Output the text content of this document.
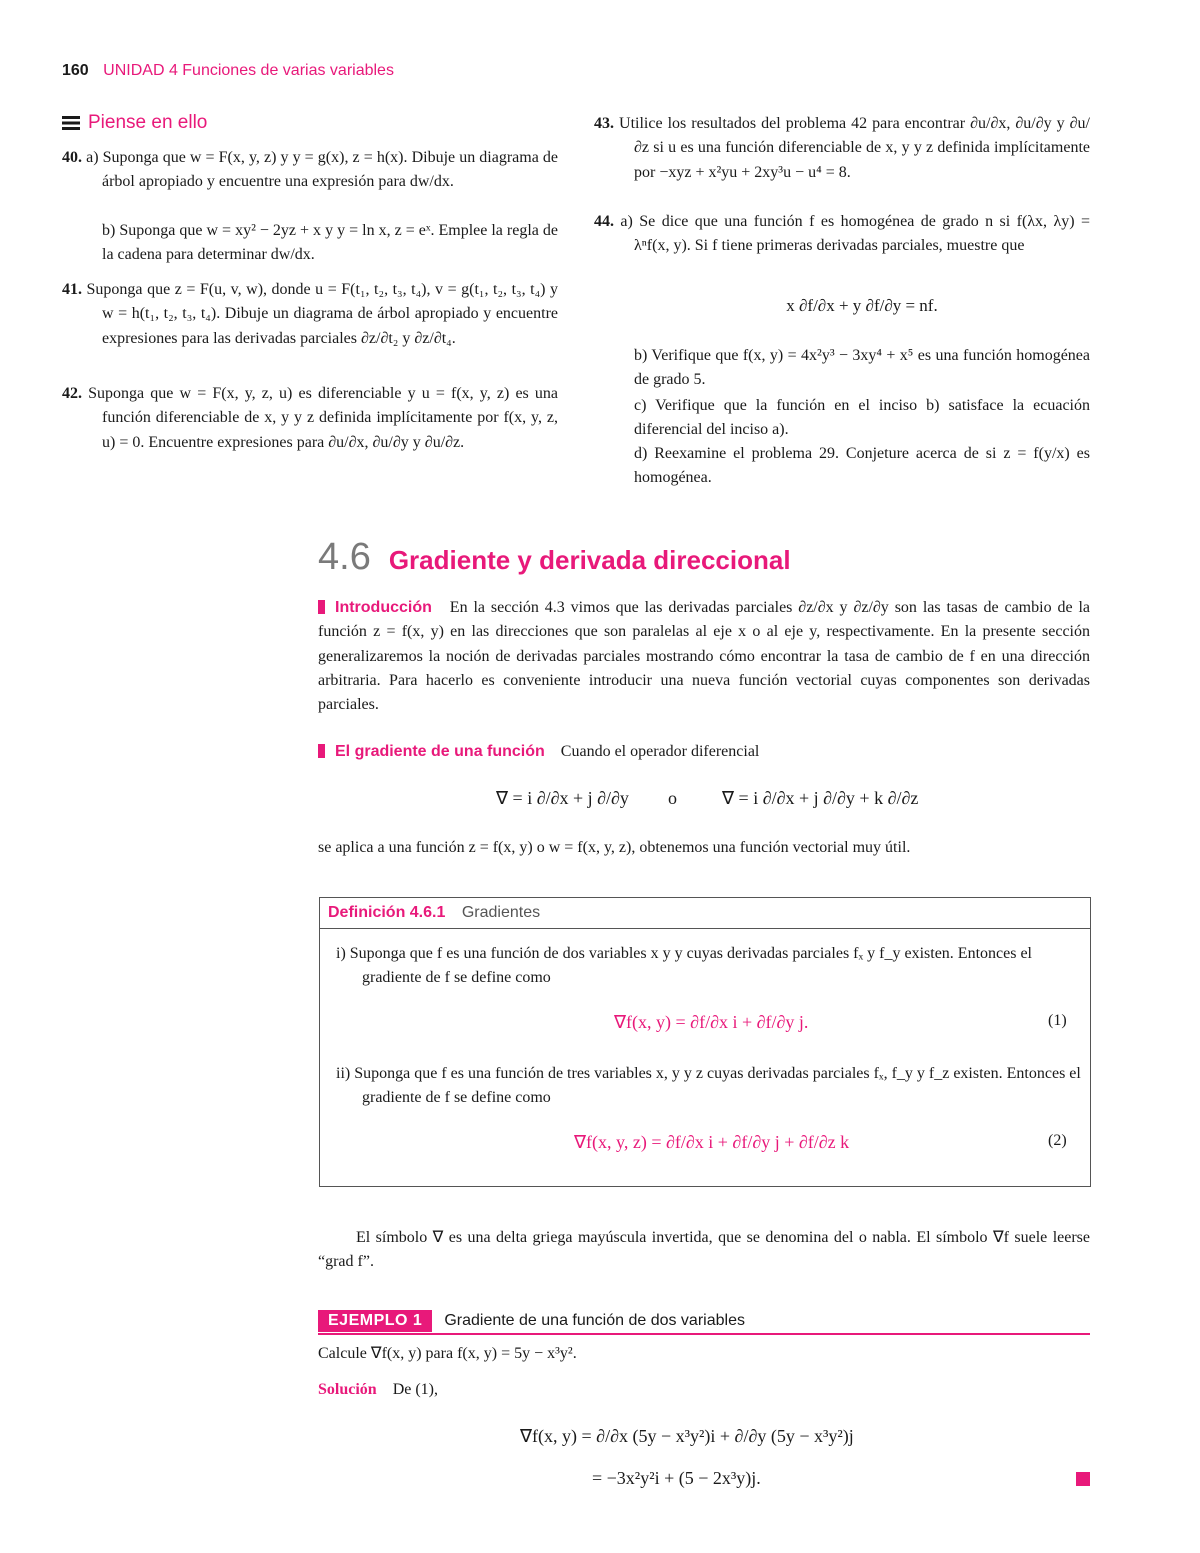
160 UNIDAD 4 Funciones de varias variables
Piense en ello

40. a) Suponga que w = F(x, y, z) y y = g(x), z = h(x). Dibuje un diagrama de árbol apropiado y encuentre una expresión para dw/dx.

b) Suponga que w = xy² − 2yz + x y y = ln x, z = eˣ. Emplee la regla de la cadena para determinar dw/dx.

41. Suponga que z = F(u, v, w), donde u = F(t₁, t₂, t₃, t₄), v = g(t₁, t₂, t₃, t₄) y w = h(t₁, t₂, t₃, t₄). Dibuje un diagrama de árbol apropiado y encuentre expresiones para las derivadas parciales ∂z/∂t₂ y ∂z/∂t₄.

42. Suponga que w = F(x, y, z, u) es diferenciable y u = f(x, y, z) es una función diferenciable de x, y y z definida implícitamente por f(x, y, z, u) = 0. Encuentre expresiones para ∂u/∂x, ∂u/∂y y ∂u/∂z.

43. Utilice los resultados del problema 42 para encontrar ∂u/∂x, ∂u/∂y y ∂u/∂z si u es una función diferenciable de x, y y z definida implícitamente por −xyz + x²yu + 2xy³u − u⁴ = 8.

44. a) Se dice que una función f es homogénea de grado n si f(λx, λy) = λⁿf(x, y). Si f tiene primeras derivadas parciales, muestre que

x ∂f/∂x + y ∂f/∂y = nf.

b) Verifique que f(x, y) = 4x²y³ − 3xy⁴ + x⁵ es una función homogénea de grado 5.

c) Verifique que la función en el inciso b) satisface la ecuación diferencial del inciso a).

d) Reexamine el problema 29. Conjeture acerca de si z = f(y/x) es homogénea.

4.6 Gradiente y derivada direccional

Introducción En la sección 4.3 vimos que las derivadas parciales ∂z/∂x y ∂z/∂y son las tasas de cambio de la función z = f(x, y) en las direcciones que son paralelas al eje x o al eje y, respectivamente. En la presente sección generalizaremos la noción de derivadas parciales mostrando cómo encontrar la tasa de cambio de f en una dirección arbitraria. Para hacerlo es conveniente introducir una nueva función vectorial cuyas componentes son derivadas parciales.

El gradiente de una función Cuando el operador diferencial

∇ = i ∂/∂x + j ∂/∂y o	∇ = i ∂/∂x + j ∂/∂y + k ∂/∂z
se aplica a una función z = f(x, y) o w = f(x, y, z), obtenemos una función vectorial muy útil.
Definición 4.6.1 Gradientes
i) Suponga que f es una función de dos variables x y y cuyas derivadas parciales fₓ y f_y existen. Entonces el gradiente de f se define como
∇f(x, y) = ∂f/∂x i + ∂f/∂y j.	(1)
ii) Suponga que f es una función de tres variables x, y y z cuyas derivadas parciales fₓ, f_y y f_z existen. Entonces el gradiente de f se define como
∇f(x, y, z) = ∂f/∂x i + ∂f/∂y j + ∂f/∂z k	(2)

El símbolo ∇ es una delta griega mayúscula invertida, que se denomina del o nabla. El símbolo ∇f suele leerse “grad f”.

EJEMPLO 1	Gradiente de una función de dos variables
Calcule ∇f(x, y) para f(x, y) = 5y − x³y².
Solución De (1),
∇f(x, y) = ∂/∂x (5y − x³y²)i + ∂/∂y (5y − x³y²)j
= −3x²y²i + (5 − 2x³y)j.
